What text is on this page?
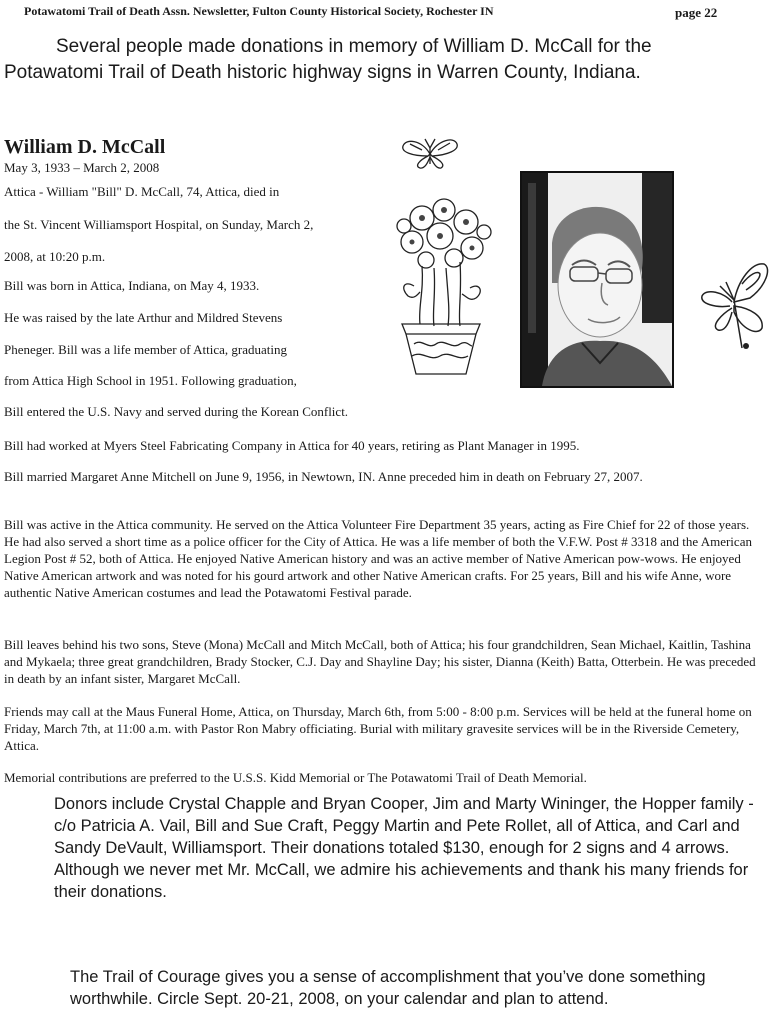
Potawatomi Trail of Death Assn. Newsletter, Fulton County Historical Society, Rochester IN	page 22
Several people made donations in memory of William D. McCall for the
Potawatomi Trail of Death historic highway signs in Warren County, Indiana.
William D. McCall
May 3, 1933 – March 2, 2008
Attica - William "Bill" D. McCall, 74, Attica, died in
the St. Vincent Williamsport Hospital, on Sunday, March 2,
2008, at 10:20 p.m.
Bill was born in Attica, Indiana, on May 4, 1933.
He was raised by the late Arthur and Mildred Stevens
Pheneger. Bill was a life member of Attica, graduating
from Attica High School in 1951. Following graduation,
Bill entered the U.S. Navy and served during the Korean Conflict.
Bill had worked at Myers Steel Fabricating Company in Attica for 40 years, retiring as Plant Manager in 1995.
Bill married Margaret Anne Mitchell on June 9, 1956, in Newtown, IN. Anne preceded him in death on February 27, 2007.
Bill was active in the Attica community. He served on the Attica Volunteer Fire Department 35 years, acting as Fire Chief for 22 of those years. He had also served a short time as a police officer for the City of Attica. He was a life member of both the V.F.W. Post # 3318 and the American Legion Post # 52, both of Attica. He enjoyed Native American history and was an active member of Native American pow-wows. He enjoyed Native American artwork and was noted for his gourd artwork and other Native American crafts. For 25 years, Bill and his wife Anne, wore authentic Native American costumes and lead the Potawatomi Festival parade.
Bill leaves behind his two sons, Steve (Mona) McCall and Mitch McCall, both of Attica; his four grandchildren, Sean Michael, Kaitlin, Tashina and Mykaela; three great grandchildren, Brady Stocker, C.J. Day and Shayline Day; his sister, Dianna (Keith) Batta, Otterbein. He was preceded in death by an infant sister, Margaret McCall.
Friends may call at the Maus Funeral Home, Attica, on Thursday, March 6th, from 5:00 - 8:00 p.m. Services will be held at the funeral home on Friday, March 7th, at 11:00 a.m. with Pastor Ron Mabry officiating. Burial with military gravesite services will be in the Riverside Cemetery, Attica.
Memorial contributions are preferred to the U.S.S. Kidd Memorial or The Potawatomi Trail of Death Memorial.
Donors include Crystal Chapple and Bryan Cooper, Jim and Marty Wininger, the Hopper family - c/o Patricia A. Vail, Bill and Sue Craft, Peggy Martin and Pete Rollet, all of Attica, and Carl and Sandy DeVault, Williamsport. Their donations totaled $130, enough for 2 signs and 4 arrows.
Although we never met Mr. McCall, we admire his achievements and thank his many friends for their donations.
The Trail of Courage gives you a sense of accomplishment that you’ve done something worthwhile. Circle Sept. 20-21, 2008, on your calendar and plan to attend.
